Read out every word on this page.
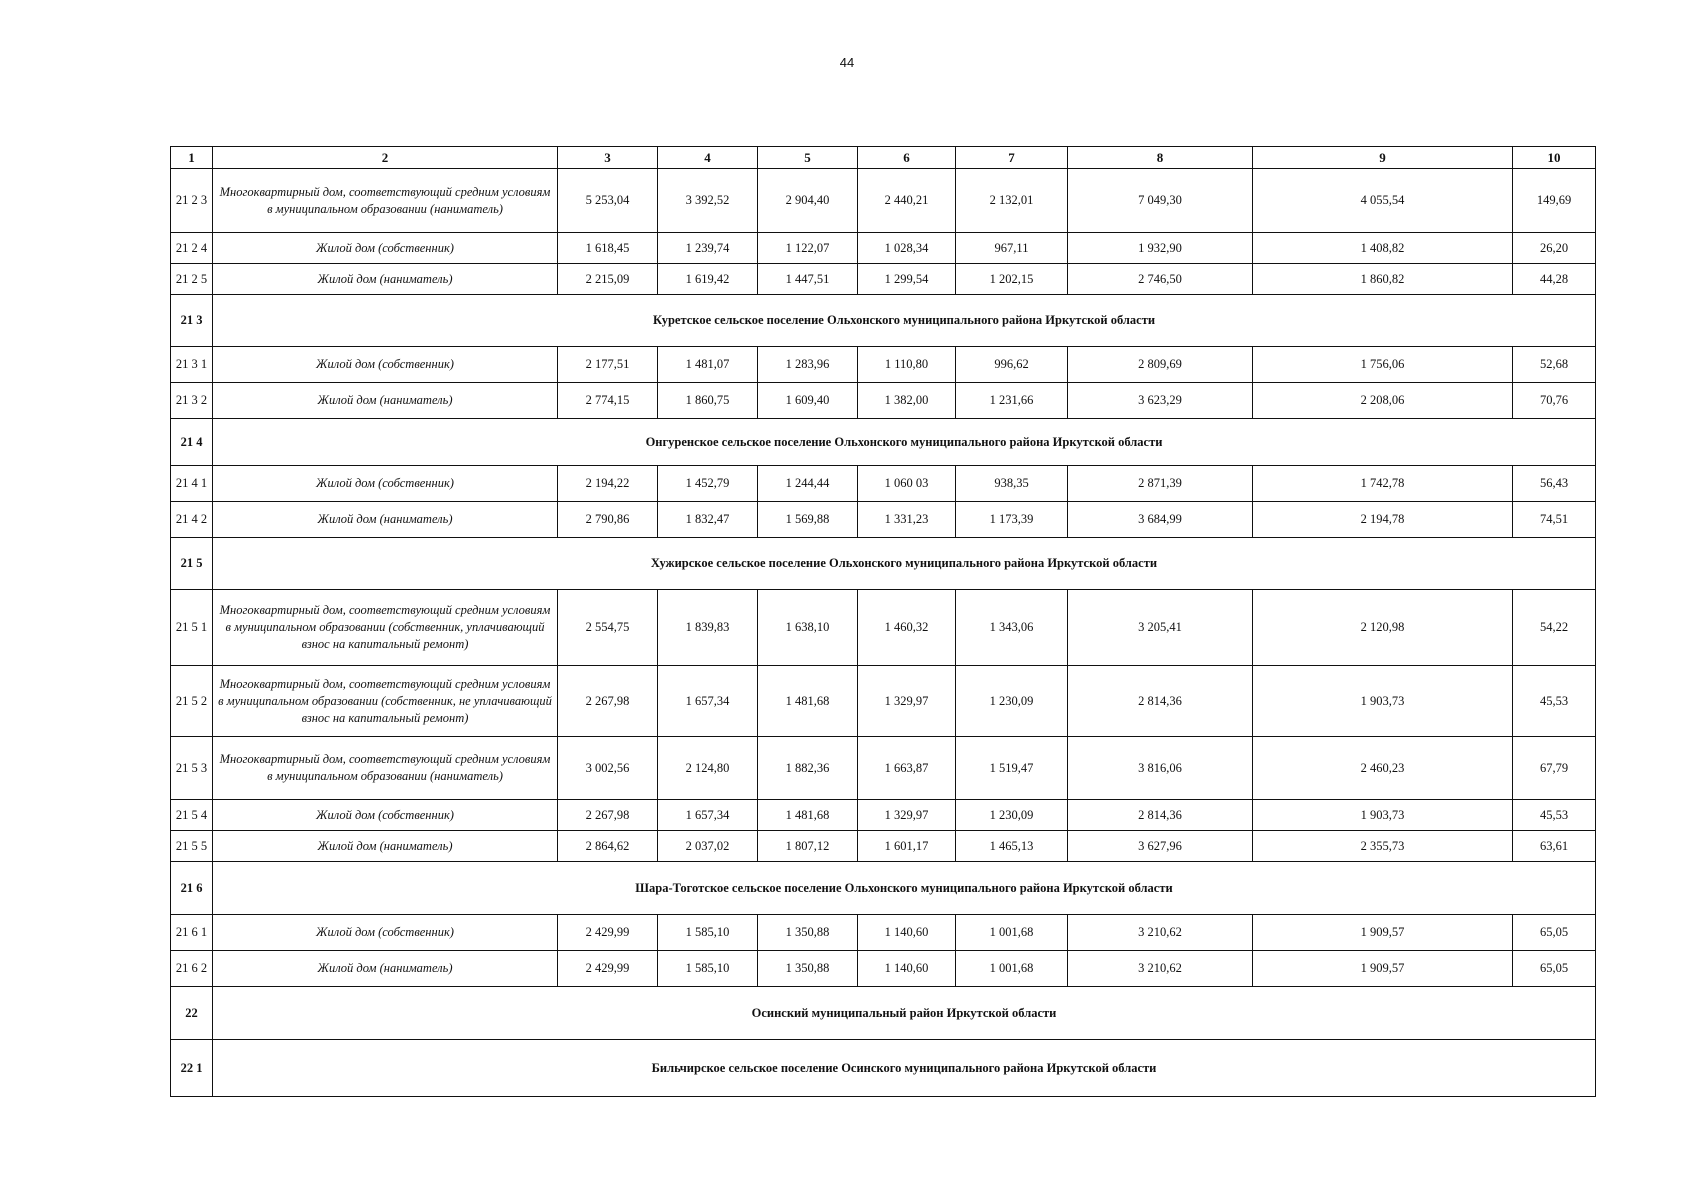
44
1	2	3	4	5	6	7	8	9	10
21 2 3	Многоквартирный дом, соответствующий средним условиям в муниципальном образовании (наниматель)	5 253,04	3 392,52	2 904,40	2 440,21	2 132,01	7 049,30	4 055,54	149,69
21 2 4	Жилой дом (собственник)	1 618,45	1 239,74	1 122,07	1 028,34	967,11	1 932,90	1 408,82	26,20
21 2 5	Жилой дом (наниматель)	2 215,09	1 619,42	1 447,51	1 299,54	1 202,15	2 746,50	1 860,82	44,28
21 3	Куретское сельское поселение Ольхонского муниципального района Иркутской области								
21 3 1	Жилой дом (собственник)	2 177,51	1 481,07	1 283,96	1 110,80	996,62	2 809,69	1 756,06	52,68
21 3 2	Жилой дом (наниматель)	2 774,15	1 860,75	1 609,40	1 382,00	1 231,66	3 623,29	2 208,06	70,76
21 4	Онгуренское сельское поселение Ольхонского муниципального района Иркутской области								
21 4 1	Жилой дом (собственник)	2 194,22	1 452,79	1 244,44	1 060 03	938,35	2 871,39	1 742,78	56,43
21 4 2	Жилой дом (наниматель)	2 790,86	1 832,47	1 569,88	1 331,23	1 173,39	3 684,99	2 194,78	74,51
21 5	Хужирское сельское поселение Ольхонского муниципального района Иркутской области								
21 5 1	Многоквартирный дом, соответствующий средним условиям в муниципальном образовании (собственник, уплачивающий взнос на капитальный ремонт)	2 554,75	1 839,83	1 638,10	1 460,32	1 343,06	3 205,41	2 120,98	54,22
21 5 2	Многоквартирный дом, соответствующий средним условиям в муниципальном образовании (собственник, не уплачивающий взнос на капитальный ремонт)	2 267,98	1 657,34	1 481,68	1 329,97	1 230,09	2 814,36	1 903,73	45,53
21 5 3	Многоквартирный дом, соответствующий средним условиям в муниципальном образовании (наниматель)	3 002,56	2 124,80	1 882,36	1 663,87	1 519,47	3 816,06	2 460,23	67,79
21 5 4	Жилой дом (собственник)	2 267,98	1 657,34	1 481,68	1 329,97	1 230,09	2 814,36	1 903,73	45,53
21 5 5	Жилой дом (наниматель)	2 864,62	2 037,02	1 807,12	1 601,17	1 465,13	3 627,96	2 355,73	63,61
21 6	Шара-Тоготское сельское поселение Ольхонского муниципального района Иркутской области								
21 6 1	Жилой дом (собственник)	2 429,99	1 585,10	1 350,88	1 140,60	1 001,68	3 210,62	1 909,57	65,05
21 6 2	Жилой дом (наниматель)	2 429,99	1 585,10	1 350,88	1 140,60	1 001,68	3 210,62	1 909,57	65,05
22	Осинский муниципальный район Иркутской области								
22 1	Бильчирское сельское поселение Осинского муниципального района Иркутской области								
